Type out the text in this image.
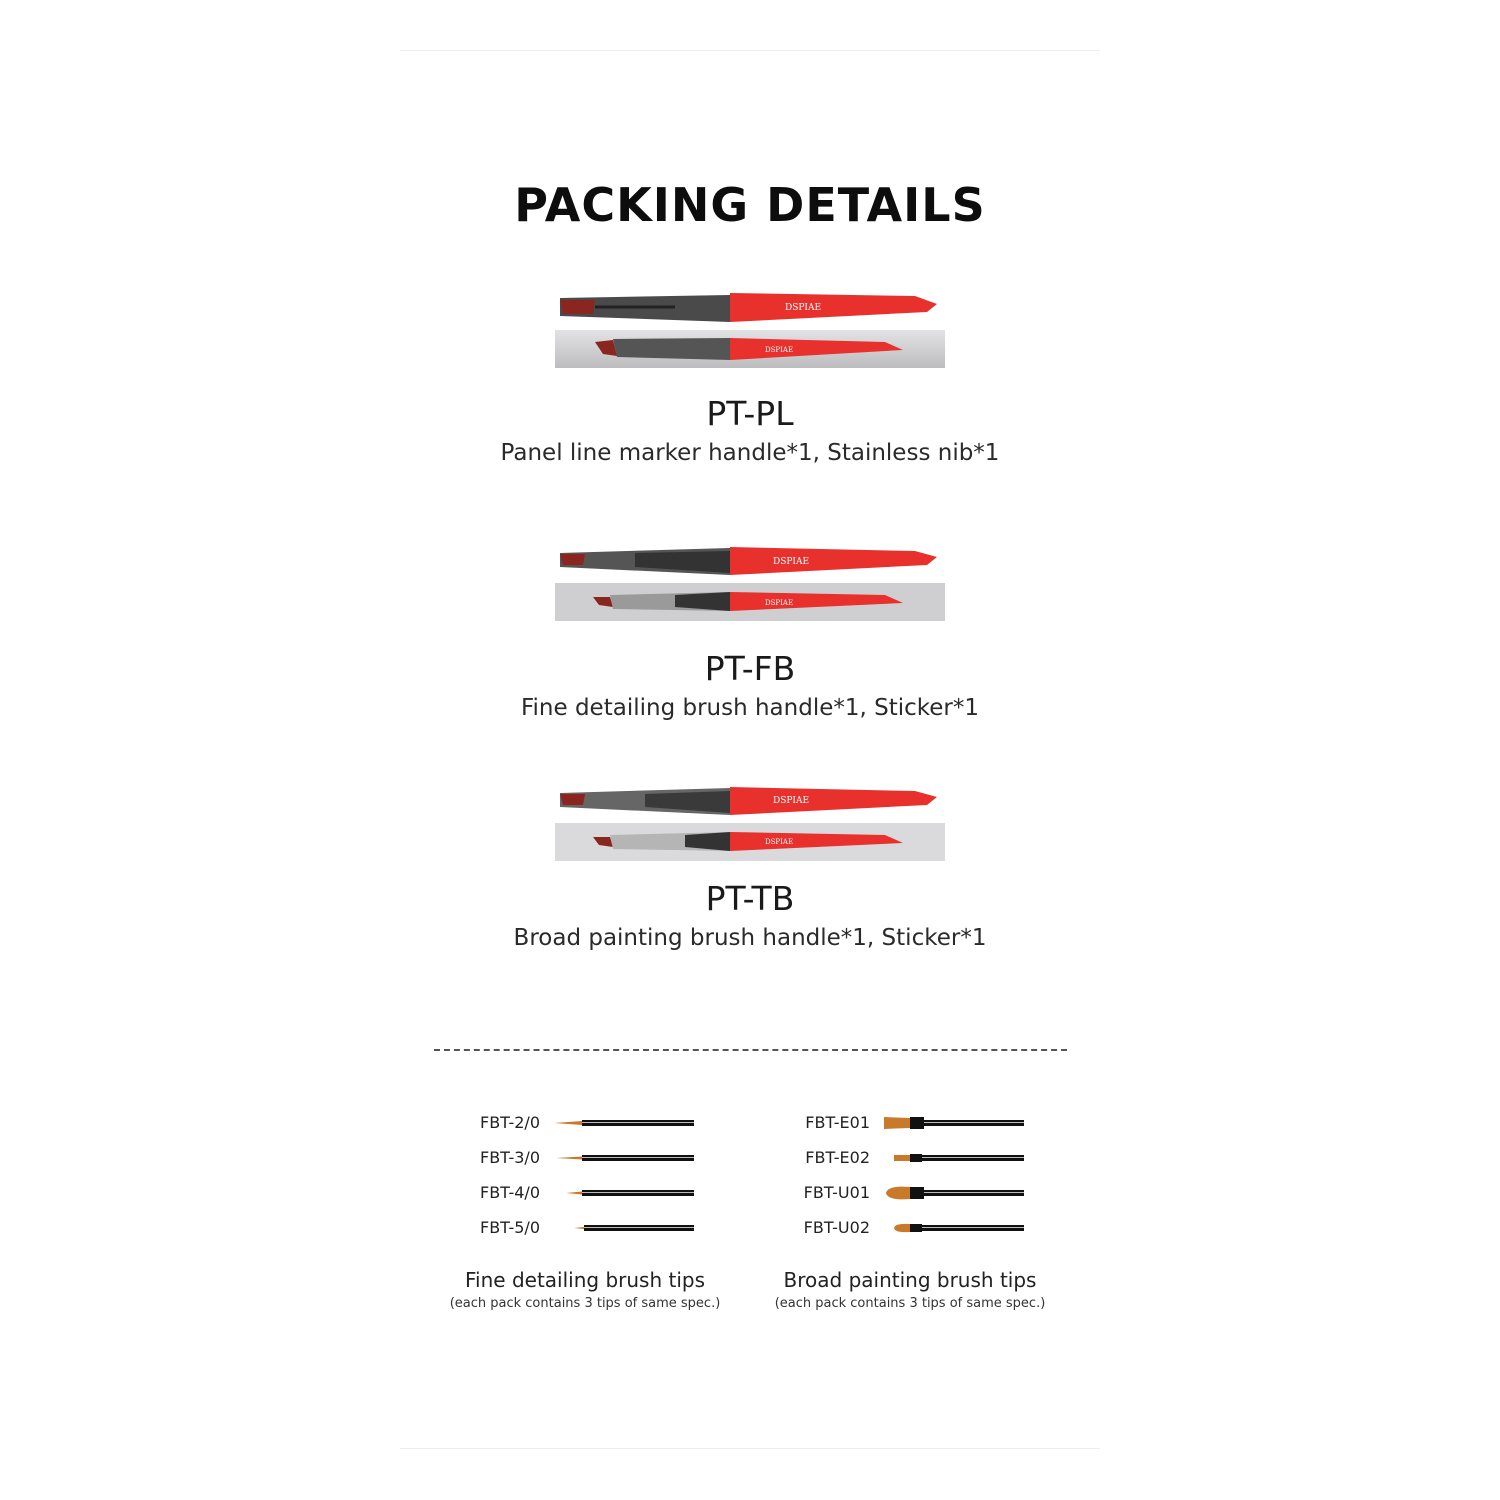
PACKING DETAILS
DSPIAE
DSPIAE
PT-PL
Panel line marker handle*1, Stainless nib*1
DSPIAE
DSPIAE
PT-FB
Fine detailing brush handle*1, Sticker*1
DSPIAE
DSPIAE
PT-TB
Broad painting brush handle*1, Sticker*1
FBT-2/0
FBT-3/0
FBT-4/0
FBT-5/0
FBT-E01
FBT-E02
FBT-U01
FBT-U02
Fine detailing brush tips
(each pack contains 3 tips of same spec.)
Broad painting brush tips
(each pack contains 3 tips of same spec.)
